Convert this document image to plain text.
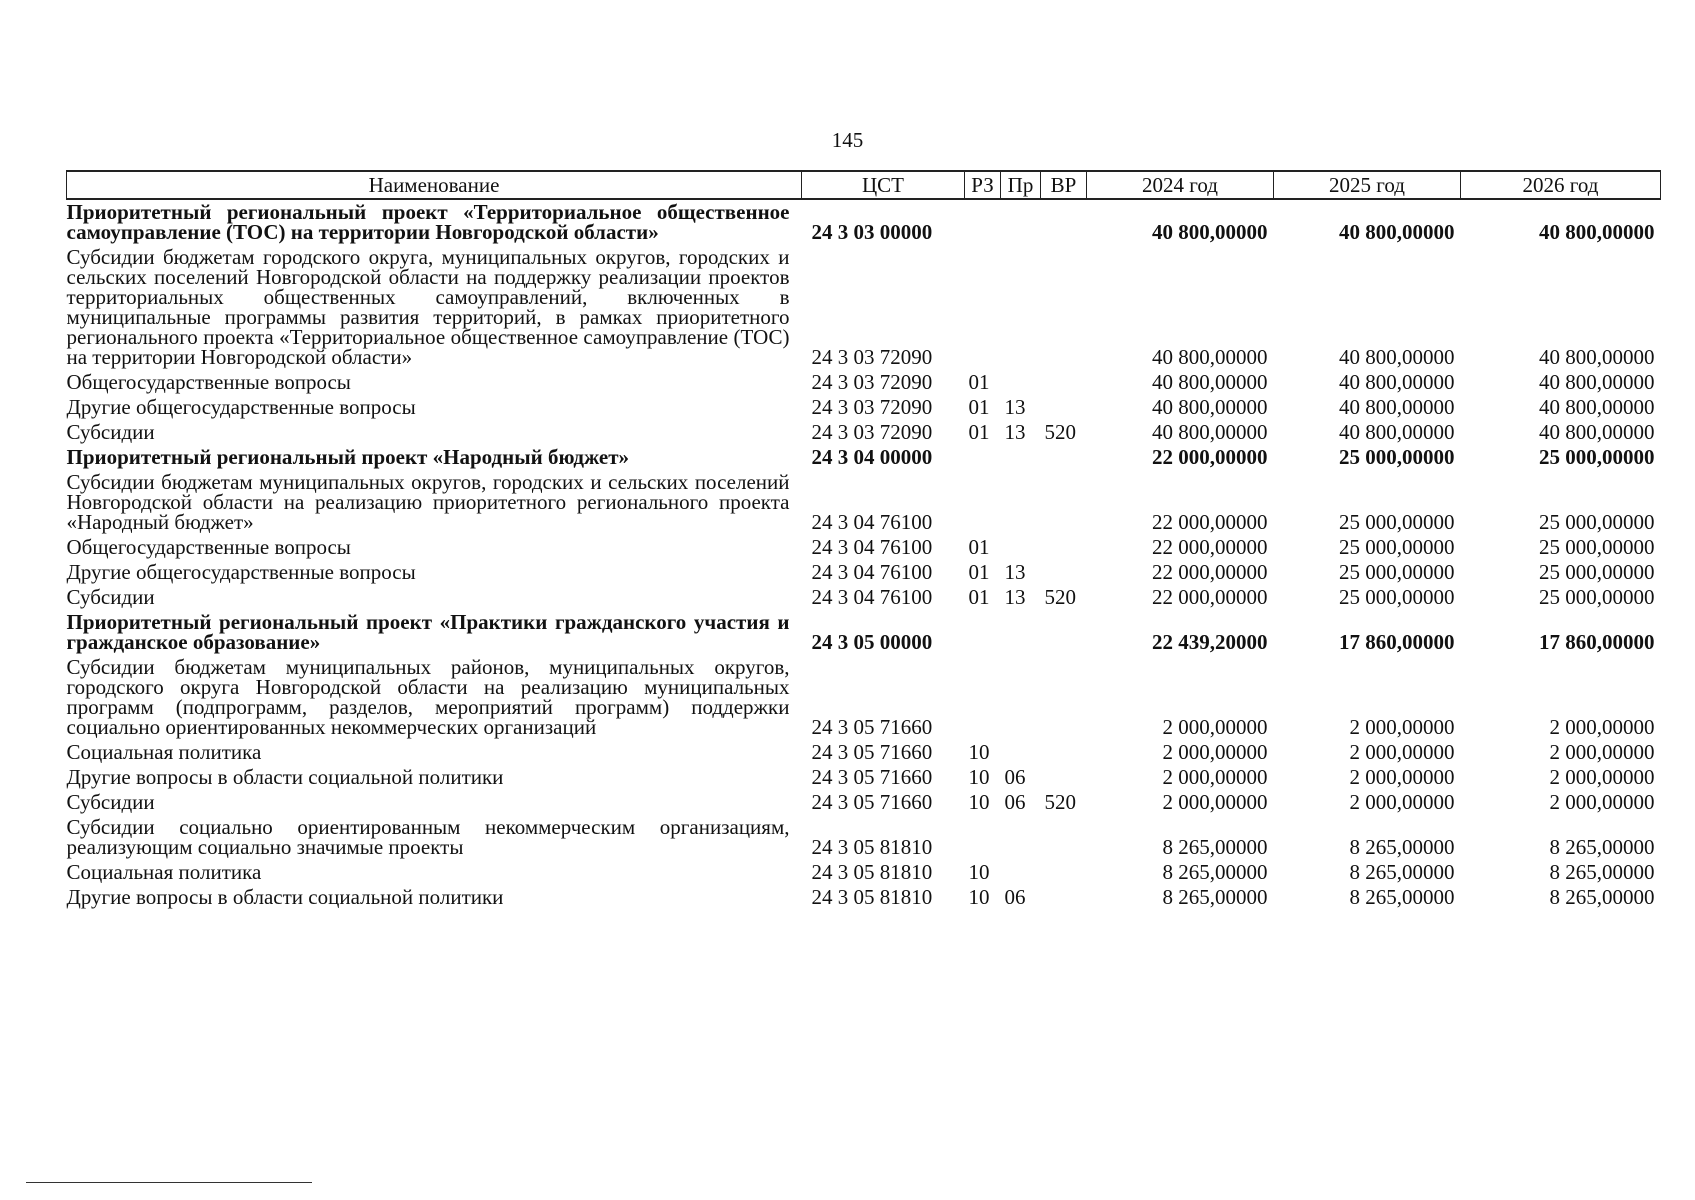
145
Наименование	ЦСТ	РЗ	Пр	ВР	2024 год	2025 год	2026 год
Приоритетный региональный проект «Территориальное общественное самоуправление (ТОС) на территории Новгородской области»	24 3 03 00000				40 800,00000	40 800,00000	40 800,00000
Субсидии бюджетам городского округа, муниципальных округов, городских и сельских поселений Новгородской области на поддержку реализации проектов территориальных общественных самоуправлений, включенных в муниципальные программы развития территорий, в рамках приоритетного регионального проекта «Территориальное общественное самоуправление (ТОС) на территории Новгородской области»	24 3 03 72090				40 800,00000	40 800,00000	40 800,00000
Общегосударственные вопросы	24 3 03 72090	01			40 800,00000	40 800,00000	40 800,00000
Другие общегосударственные вопросы	24 3 03 72090	01	13		40 800,00000	40 800,00000	40 800,00000
Субсидии	24 3 03 72090	01	13	520	40 800,00000	40 800,00000	40 800,00000
Приоритетный региональный проект «Народный бюджет»	24 3 04 00000				22 000,00000	25 000,00000	25 000,00000
Субсидии бюджетам муниципальных округов, городских и сельских поселений Новгородской области на реализацию приоритетного регионального проекта «Народный бюджет»	24 3 04 76100				22 000,00000	25 000,00000	25 000,00000
Общегосударственные вопросы	24 3 04 76100	01			22 000,00000	25 000,00000	25 000,00000
Другие общегосударственные вопросы	24 3 04 76100	01	13		22 000,00000	25 000,00000	25 000,00000
Субсидии	24 3 04 76100	01	13	520	22 000,00000	25 000,00000	25 000,00000
Приоритетный региональный проект «Практики гражданского участия и гражданское образование»	24 3 05 00000				22 439,20000	17 860,00000	17 860,00000
Субсидии бюджетам муниципальных районов, муниципальных округов, городского округа Новгородской области на реализацию муниципальных программ (подпрограмм, разделов, мероприятий программ) поддержки социально ориентированных некоммерческих организаций	24 3 05 71660				2 000,00000	2 000,00000	2 000,00000
Социальная политика	24 3 05 71660	10			2 000,00000	2 000,00000	2 000,00000
Другие вопросы в области социальной политики	24 3 05 71660	10	06		2 000,00000	2 000,00000	2 000,00000
Субсидии	24 3 05 71660	10	06	520	2 000,00000	2 000,00000	2 000,00000
Субсидии социально ориентированным некоммерческим организациям, реализующим социально значимые проекты	24 3 05 81810				8 265,00000	8 265,00000	8 265,00000
Социальная политика	24 3 05 81810	10			8 265,00000	8 265,00000	8 265,00000
Другие вопросы в области социальной политики	24 3 05 81810	10	06		8 265,00000	8 265,00000	8 265,00000
